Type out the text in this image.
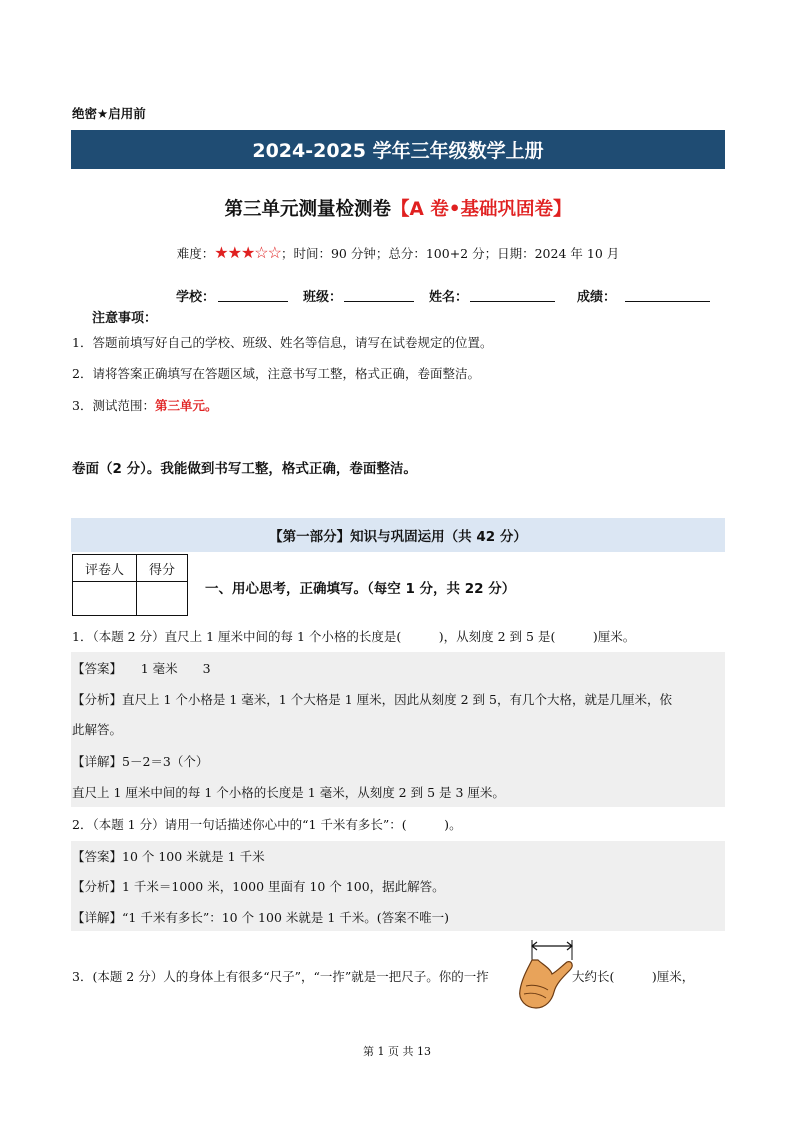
绝密★启用前
2024-2025 学年三年级数学上册
第三单元测量检测卷【A 卷•基础巩固卷】
难度：★★★☆☆；时间：90 分钟；总分：100+2 分；日期：2024 年 10 月
学校：	班级：	姓名：	成绩：
注意事项：
1．答题前填写好自己的学校、班级、姓名等信息，请写在试卷规定的位置。
2．请将答案正确填写在答题区域，注意书写工整，格式正确，卷面整洁。
3．测试范围：第三单元。
卷面（2 分）。我能做到书写工整，格式正确，卷面整洁。
【第一部分】知识与巩固运用（共 42 分）
评卷人	得分

一、用心思考，正确填写。（每空 1 分，共 22 分）
1．（本题 2 分）直尺上 1 厘米中间的每 1 个小格的长度是(　　　)，从刻度 2 到 5 是(　　　)厘米。
【答案】　　1 毫米　　3
【分析】直尺上 1 个小格是 1 毫米，1 个大格是 1 厘米，因此从刻度 2 到 5，有几个大格，就是几厘米，依
此解答。
【详解】5－2＝3（个）
直尺上 1 厘米中间的每 1 个小格的长度是 1 毫米，从刻度 2 到 5 是 3 厘米。
2．（本题 1 分）请用一句话描述你心中的“1 千米有多长”：(　　　)。
【答案】10 个 100 米就是 1 千米
【分析】1 千米＝1000 米，1000 里面有 10 个 100，据此解答。
【详解】“1 千米有多长”：10 个 100 米就是 1 千米。(答案不唯一)
3．(本题 2 分）人的身体上有很多“尺子”，“一拃”就是一把尺子。你的一拃	大约长(　　　)厘米，
第 1 页 共 13
